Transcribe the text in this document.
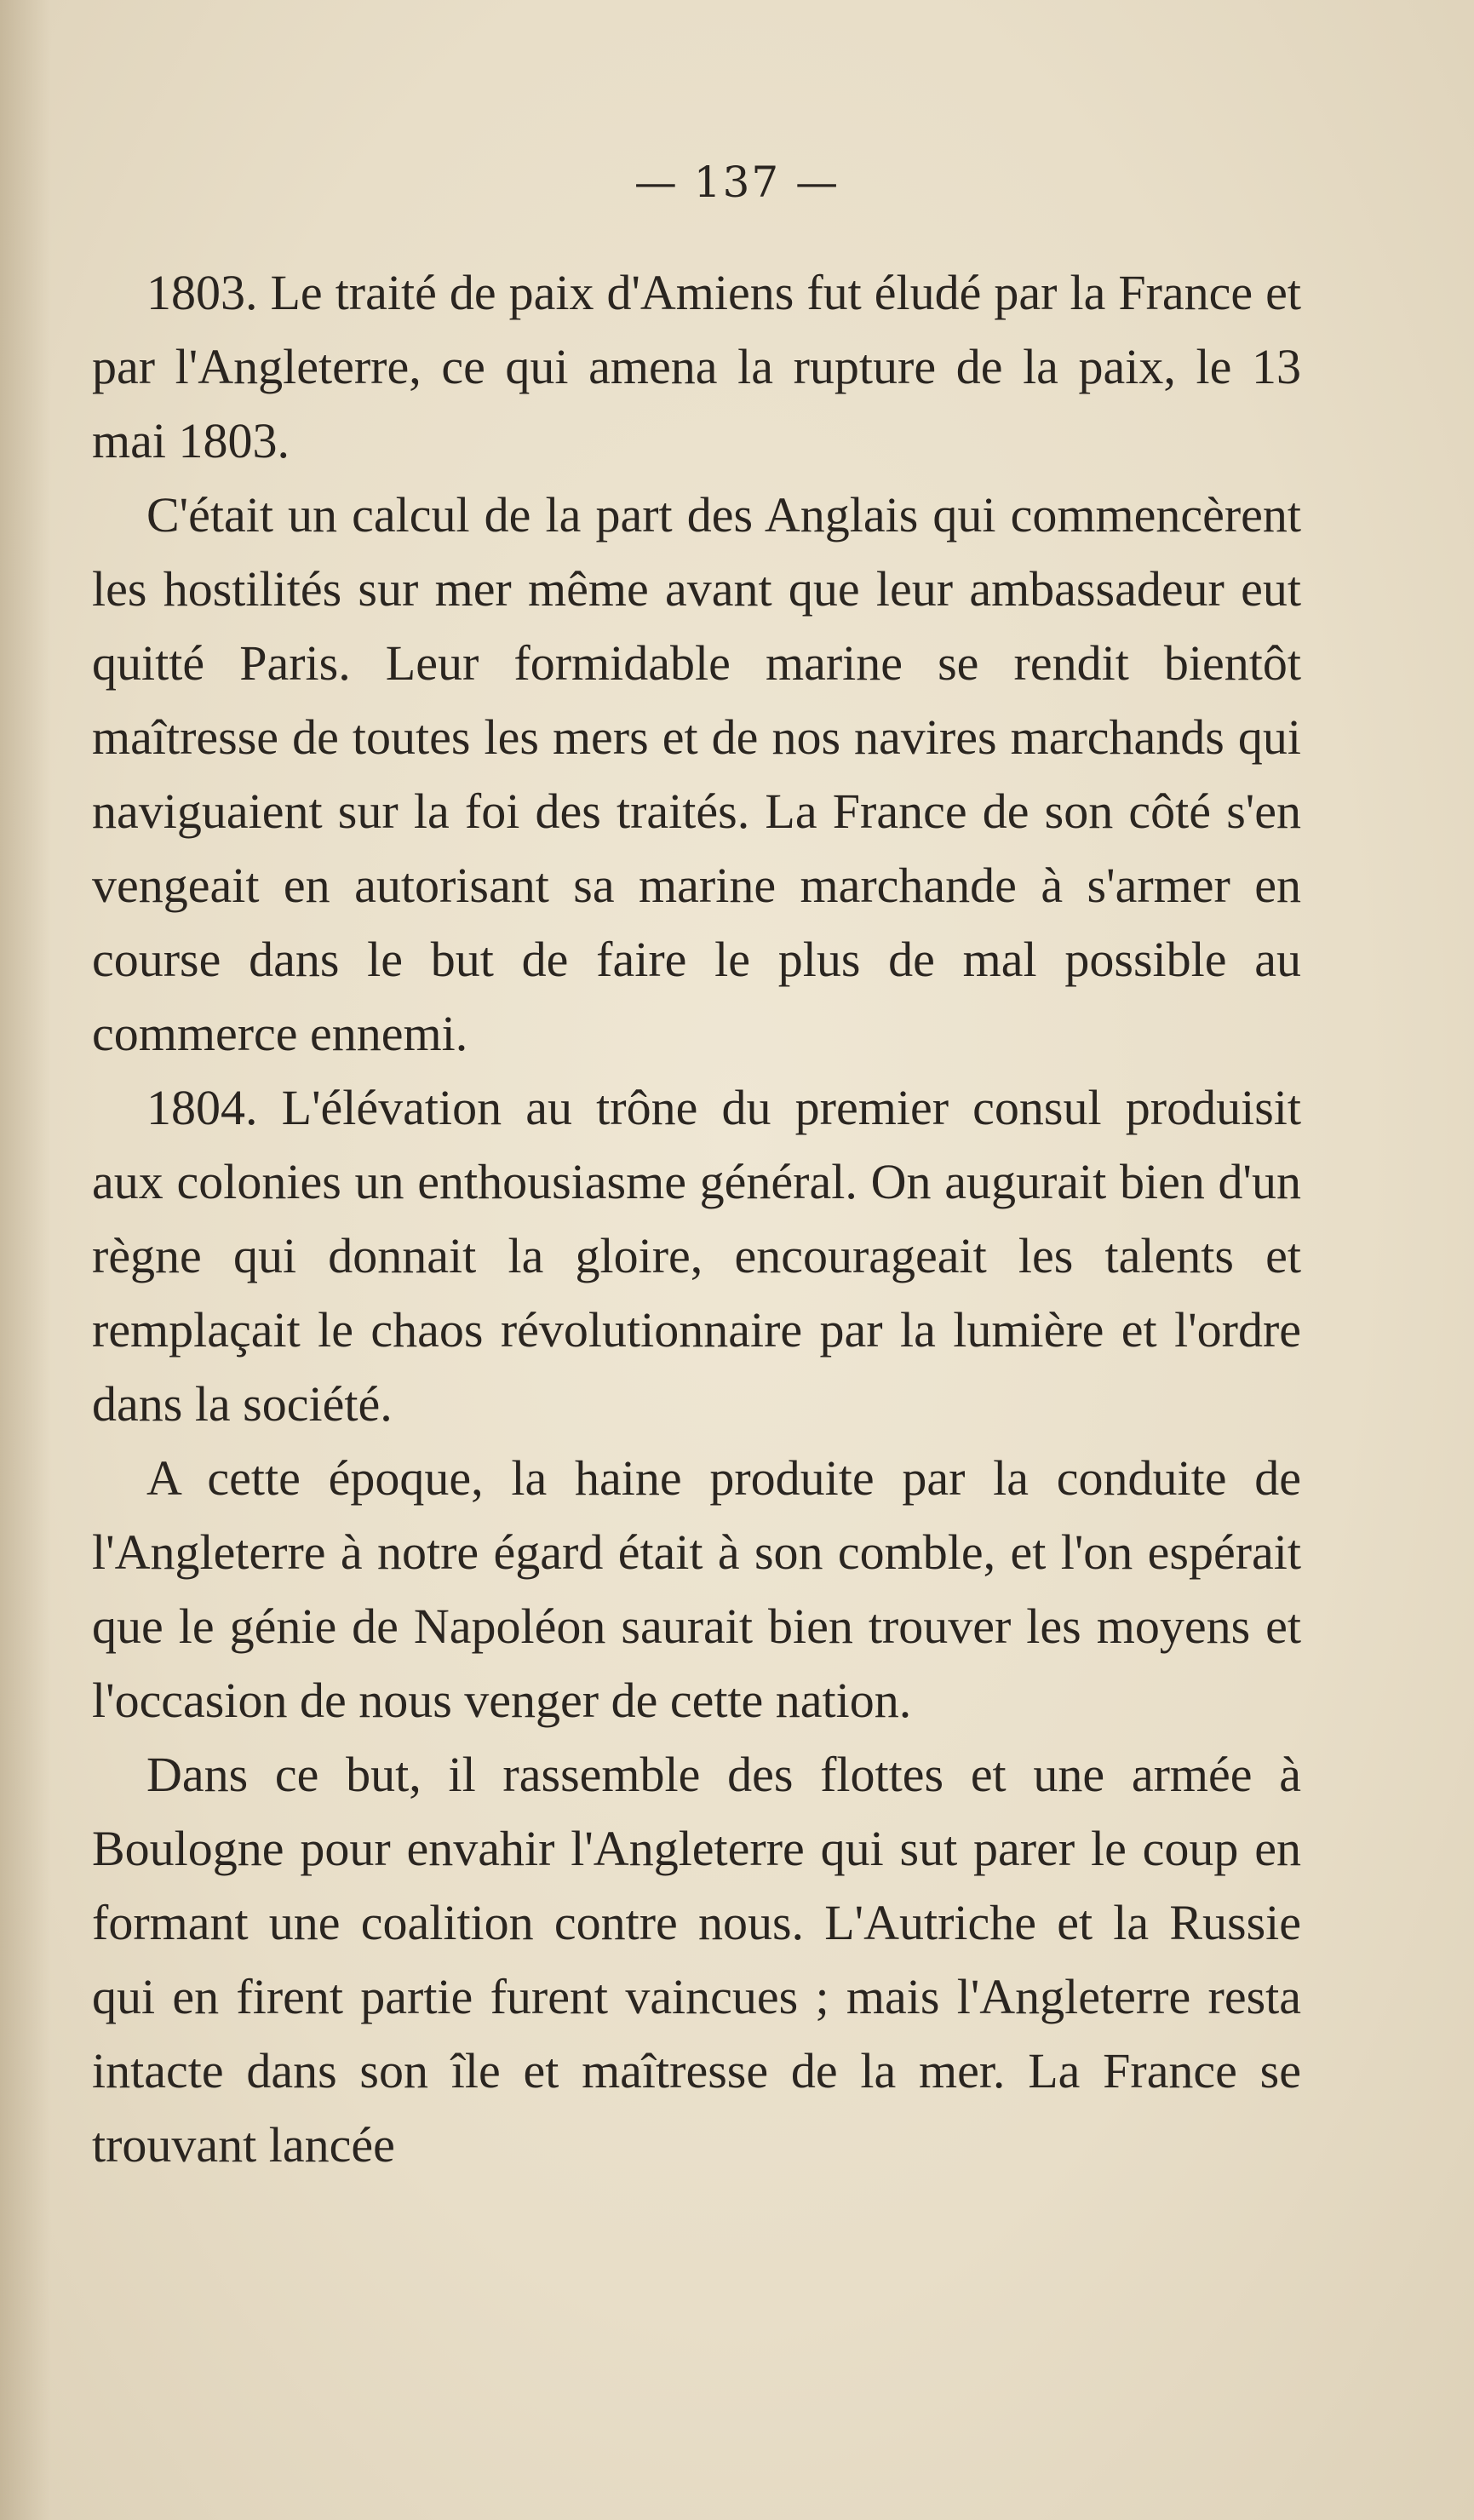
— 137 —

1803. Le traité de paix d'Amiens fut éludé par la France et par l'Angleterre, ce qui amena la rupture de la paix, le 13 mai 1803.

C'était un calcul de la part des Anglais qui commencèrent les hostilités sur mer même avant que leur ambassadeur eut quitté Paris. Leur formidable marine se rendit bientôt maîtresse de toutes les mers et de nos navires marchands qui naviguaient sur la foi des traités. La France de son côté s'en vengeait en autorisant sa marine marchande à s'armer en course dans le but de faire le plus de mal possible au commerce ennemi.

1804. L'élévation au trône du premier consul produisit aux colonies un enthousiasme général. On augurait bien d'un règne qui donnait la gloire, encourageait les talents et remplaçait le chaos révolutionnaire par la lumière et l'ordre dans la société.

A cette époque, la haine produite par la conduite de l'Angleterre à notre égard était à son comble, et l'on espérait que le génie de Napoléon saurait bien trouver les moyens et l'occasion de nous venger de cette nation.

Dans ce but, il rassemble des flottes et une armée à Boulogne pour envahir l'Angleterre qui sut parer le coup en formant une coalition contre nous. L'Autriche et la Russie qui en firent partie furent vaincues ; mais l'Angleterre resta intacte dans son île et maîtresse de la mer. La France se trouvant lancée
